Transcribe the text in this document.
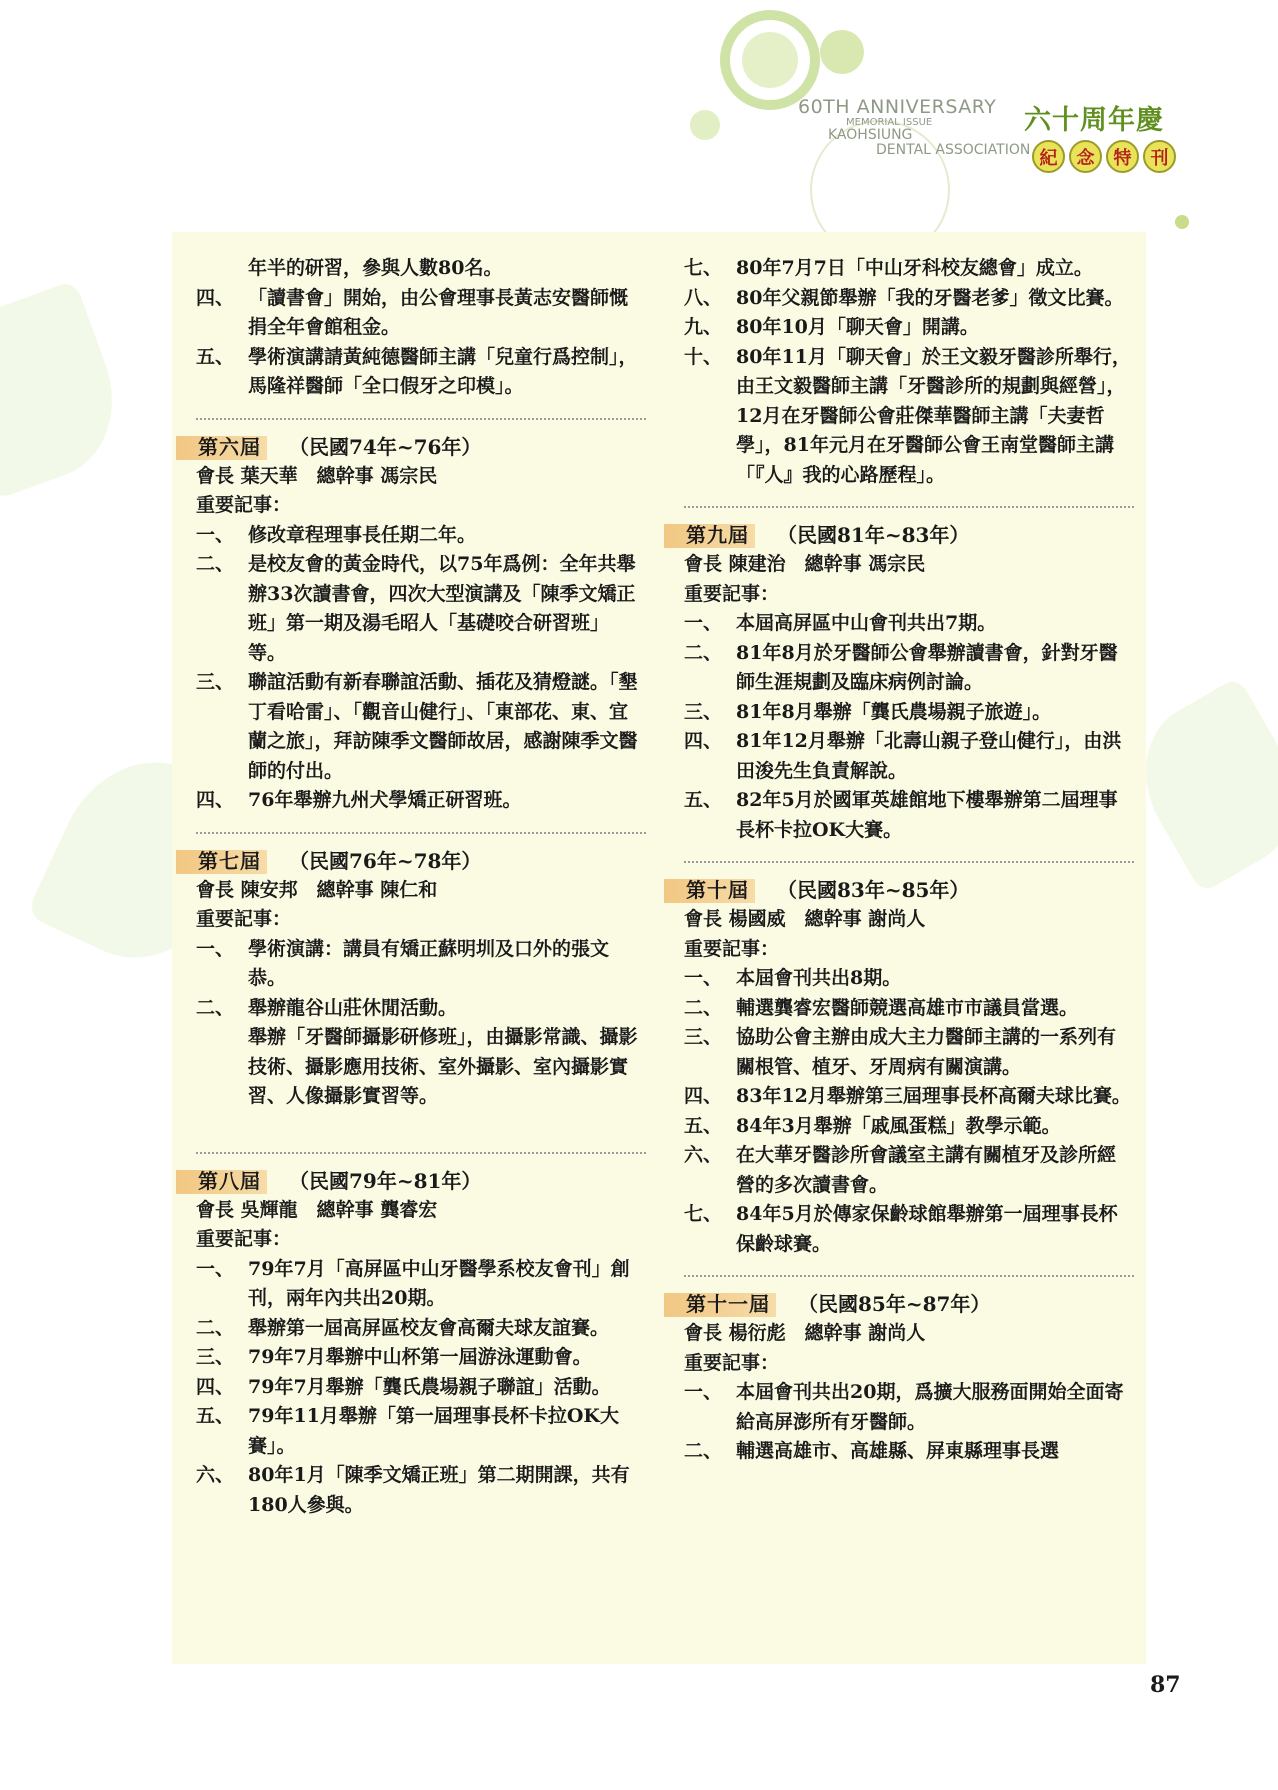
60TH ANNIVERSARY
MEMORIAL ISSUE
KAOHSIUNG
DENTAL ASSOCIATION
六十周年慶
紀	念	特	刊

年半的研習，參與人數80名。

四、 「讀書會」開始，由公會理事長黃志安醫師慨捐全年會館租金。
五、 學術演講請黃純德醫師主講「兒童行爲控制」，馬隆祥醫師「全口假牙之印模」。
第六屆	（民國74年~76年）

會長 葉天華　總幹事 馮宗民

重要記事：

一、 修改章程理事長任期二年。
二、 是校友會的黃金時代，以75年爲例：全年共舉辦33次讀書會，四次大型演講及「陳季文矯正班」第一期及湯毛昭人「基礎咬合研習班」等。
三、 聯誼活動有新春聯誼活動、插花及猜燈謎。「墾丁看哈雷」、「觀音山健行」、「東部花、東、宜蘭之旅」，拜訪陳季文醫師故居，感謝陳季文醫師的付出。
四、 76年舉辦九州犬學矯正研習班。
第七屆	（民國76年~78年）

會長 陳安邦　總幹事 陳仁和

重要記事：

一、 學術演講：講員有矯正蘇明圳及口外的張文恭。
二、 舉辦龍谷山莊休閒活動。

舉辦「牙醫師攝影研修班」，由攝影常識、攝影技術、攝影應用技術、室外攝影、室內攝影實習、人像攝影實習等。

第八屆	（民國79年~81年）

會長 吳輝龍　總幹事 龔睿宏

重要記事：

一、 79年7月「高屏區中山牙醫學系校友會刊」創刊，兩年內共出20期。
二、 舉辦第一屆高屏區校友會高爾夫球友誼賽。
三、 79年7月舉辦中山杯第一屆游泳運動會。
四、 79年7月舉辦「龔氏農場親子聯誼」活動。
五、 79年11月舉辦「第一屆理事長杯卡拉OK大賽」。
六、 80年1月「陳季文矯正班」第二期開課，共有180人參與。
七、 80年7月7日「中山牙科校友總會」成立。
八、 80年父親節舉辦「我的牙醫老爹」徵文比賽。
九、 80年10月「聊天會」開講。
十、 80年11月「聊天會」於王文毅牙醫診所舉行，由王文毅醫師主講「牙醫診所的規劃與經營」，12月在牙醫師公會莊傑華醫師主講「夫妻哲學」，81年元月在牙醫師公會王南堂醫師主講「『人』我的心路歷程」。
第九屆	（民國81年~83年）

會長 陳建治　總幹事 馮宗民

重要記事：

一、 本屆高屏區中山會刊共出7期。
二、 81年8月於牙醫師公會舉辦讀書會，針對牙醫師生涯規劃及臨床病例討論。
三、 81年8月舉辦「龔氏農場親子旅遊」。
四、 81年12月舉辦「北壽山親子登山健行」，由洪田浚先生負責解說。
五、 82年5月於國軍英雄館地下樓舉辦第二屆理事長杯卡拉OK大賽。
第十屆	（民國83年~85年）

會長 楊國威　總幹事 謝尚人

重要記事：

一、 本屆會刊共出8期。
二、 輔選龔睿宏醫師競選高雄市市議員當選。
三、 協助公會主辦由成大主力醫師主講的一系列有關根管、植牙、牙周病有關演講。
四、 83年12月舉辦第三屆理事長杯高爾夫球比賽。
五、 84年3月舉辦「戚風蛋糕」教學示範。
六、 在大華牙醫診所會議室主講有關植牙及診所經營的多次讀書會。
七、 84年5月於傳家保齡球館舉辦第一屆理事長杯保齡球賽。
第十一屆	（民國85年~87年）

會長 楊衍彪　總幹事 謝尚人

重要記事：

一、 本屆會刊共出20期，爲擴大服務面開始全面寄給高屏澎所有牙醫師。
二、 輔選高雄市、高雄縣、屏東縣理事長選
87
